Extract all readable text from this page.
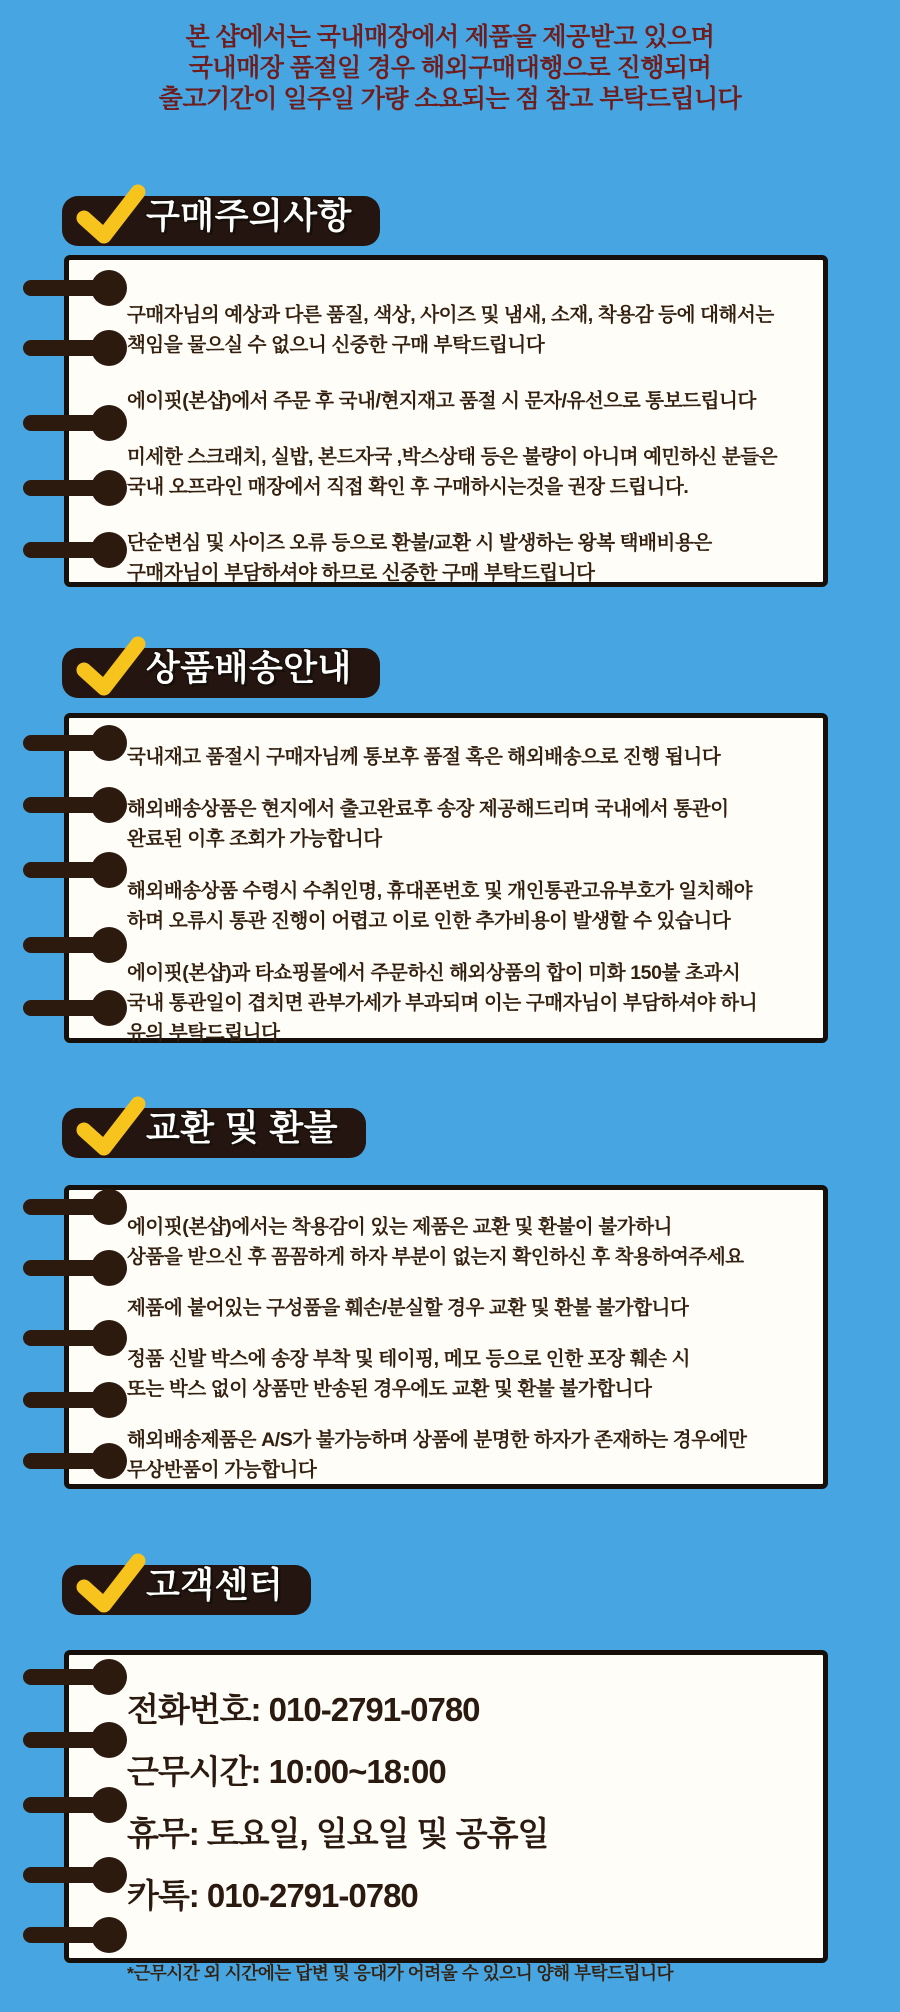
본 샵에서는 국내매장에서 제품을 제공받고 있으며
국내매장 품절일 경우 해외구매대행으로 진행되며
출고기간이 일주일 가량 소요되는 점 참고 부탁드립니다
구매주의사항
구매자님의 예상과 다른 품질, 색상, 사이즈 및 냄새, 소재, 착용감 등에 대해서는
책임을 물으실 수 없으니 신중한 구매 부탁드립니다
에이핏(본샵)에서 주문 후 국내/현지재고 품절 시 문자/유선으로 통보드립니다
미세한 스크래치, 실밥, 본드자국 ,박스상태 등은 불량이 아니며 예민하신 분들은
국내 오프라인 매장에서 직접 확인 후 구매하시는것을 권장 드립니다.
단순변심 및 사이즈 오류 등으로 환불/교환 시 발생하는 왕복 택배비용은
구매자님이 부담하셔야 하므로 신중한 구매 부탁드립니다
상품배송안내
국내재고 품절시 구매자님께 통보후 품절 혹은 해외배송으로 진행 됩니다
해외배송상품은 현지에서 출고완료후 송장 제공해드리며 국내에서 통관이
완료된 이후 조회가 가능합니다
해외배송상품 수령시 수취인명, 휴대폰번호 및 개인통관고유부호가 일치해야
하며 오류시 통관 진행이 어렵고 이로 인한 추가비용이 발생할 수 있습니다
에이핏(본샵)과 타쇼핑몰에서 주문하신 해외상품의 합이 미화 150불 초과시
국내 통관일이 겹치면 관부가세가 부과되며 이는 구매자님이 부담하셔야 하니
유의 부탁드립니다
교환 및 환불
에이핏(본샵)에서는 착용감이 있는 제품은 교환 및 환불이 불가하니
상품을 받으신 후 꼼꼼하게 하자 부분이 없는지 확인하신 후 착용하여주세요
제품에 붙어있는 구성품을 훼손/분실할 경우 교환 및 환불 불가합니다
정품 신발 박스에 송장 부착 및 테이핑, 메모 등으로 인한 포장 훼손 시
또는 박스 없이 상품만 반송된 경우에도 교환 및 환불 불가합니다
해외배송제품은 A/S가 불가능하며 상품에 분명한 하자가 존재하는 경우에만
무상반품이 가능합니다
고객센터
전화번호: 010-2791-0780
근무시간: 10:00~18:00
휴무: 토요일, 일요일 및 공휴일
카톡: 010-2791-0780
*근무시간 외 시간에는 답변 및 응대가 어려울 수 있으니 양해 부탁드립니다
